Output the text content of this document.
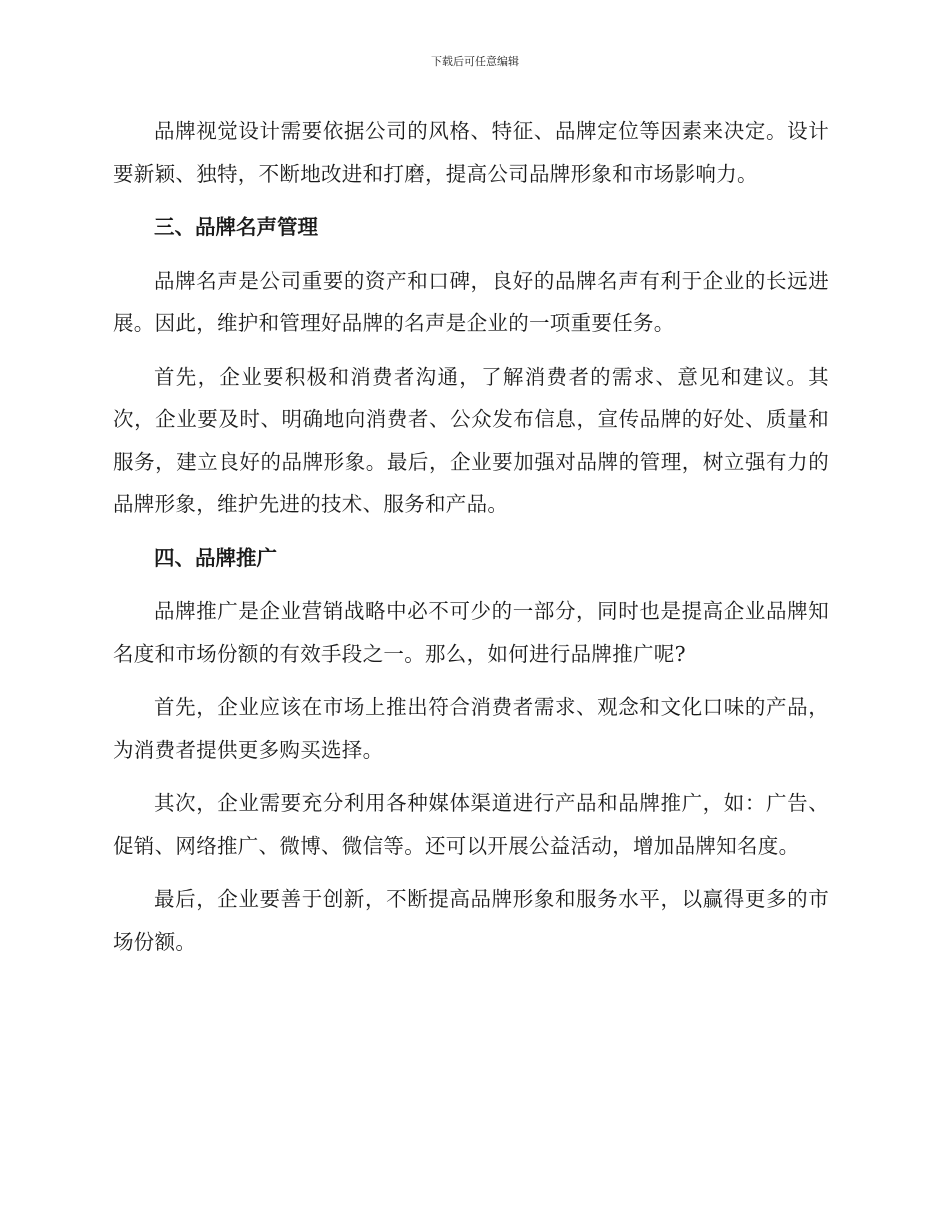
下载后可任意编辑

品牌视觉设计需要依据公司的风格、特征、品牌定位等因素来决定。设计要新颖、独特，不断地改进和打磨，提高公司品牌形象和市场影响力。

三、品牌名声管理

品牌名声是公司重要的资产和口碑，良好的品牌名声有利于企业的长远进展。因此，维护和管理好品牌的名声是企业的一项重要任务。

首先，企业要积极和消费者沟通，了解消费者的需求、意见和建议。其次，企业要及时、明确地向消费者、公众发布信息，宣传品牌的好处、质量和服务，建立良好的品牌形象。最后，企业要加强对品牌的管理，树立强有力的品牌形象，维护先进的技术、服务和产品。

四、品牌推广

品牌推广是企业营销战略中必不可少的一部分，同时也是提高企业品牌知名度和市场份额的有效手段之一。那么，如何进行品牌推广呢?

首先，企业应该在市场上推出符合消费者需求、观念和文化口味的产品，为消费者提供更多购买选择。

其次，企业需要充分利用各种媒体渠道进行产品和品牌推广，如：广告、促销、网络推广、微博、微信等。还可以开展公益活动，增加品牌知名度。

最后，企业要善于创新，不断提高品牌形象和服务水平，以赢得更多的市场份额。
